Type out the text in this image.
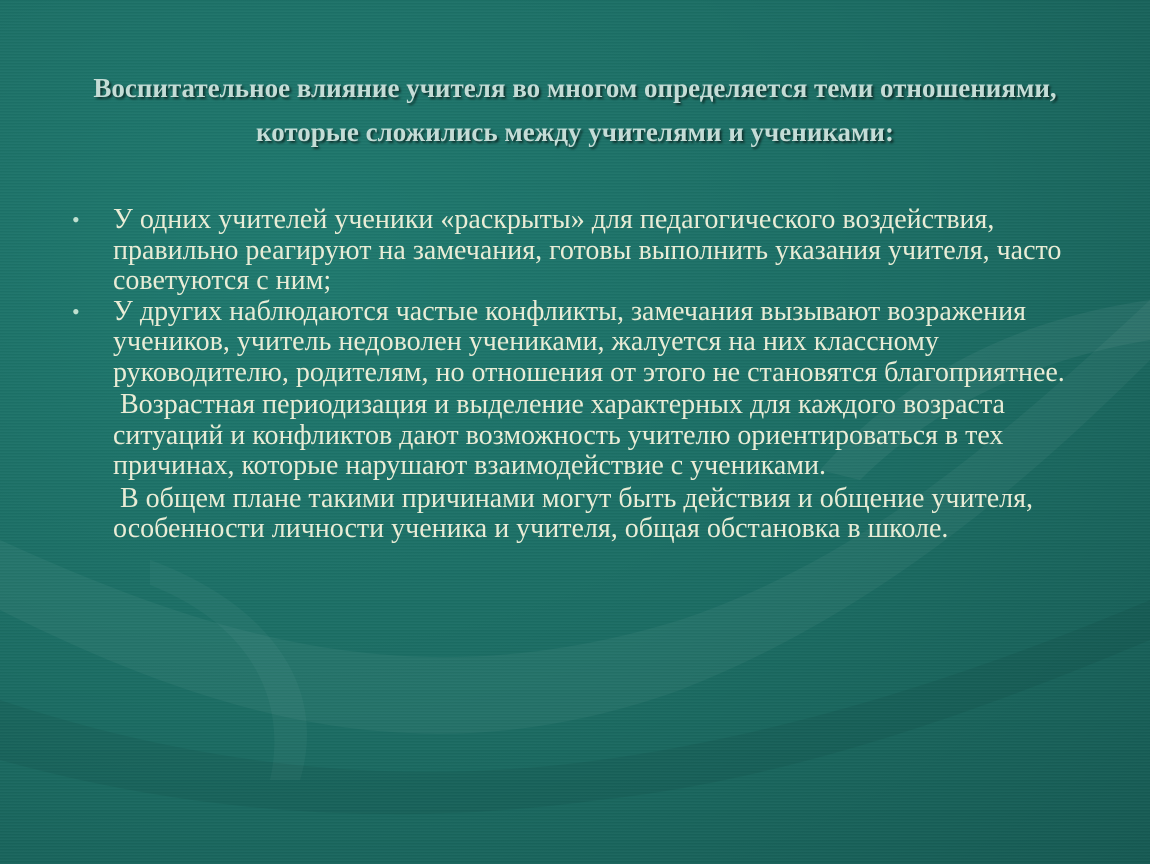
Воспитательное влияние учителя во многом определяется теми отношениями, которые сложились между учителями и учениками:
• У одних учителей ученики «раскрыты» для педагогического воздействия, правильно реагируют на замечания, готовы выполнить указания учителя, часто советуются с ним;
• У других наблюдаются частые конфликты, замечания вызывают возражения учеников, учитель недоволен учениками, жалуется на них классному руководителю, родителям, но отношения от этого не становятся благоприятнее.
Возрастная периодизация и выделение характерных для каждого возраста ситуаций и конфликтов дают возможность учителю ориентироваться в тех причинах, которые нарушают взаимодействие с учениками.
В общем плане такими причинами могут быть действия и общение учителя, особенности личности ученика и учителя, общая обстановка в школе.
